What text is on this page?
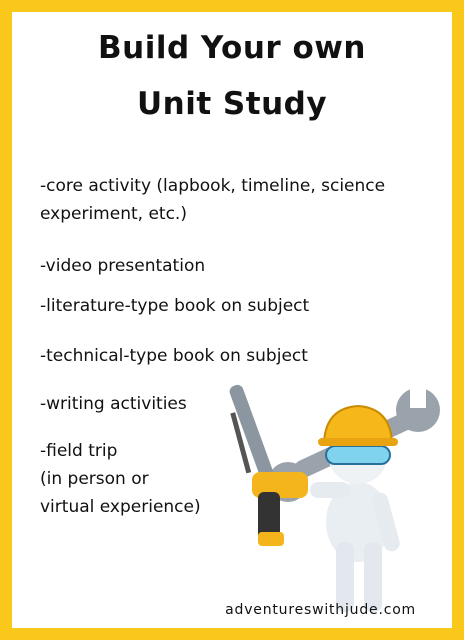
Build Your own
Unit Study
-core activity (lapbook, timeline, science
experiment, etc.)
-video presentation
-literature-type book on subject
-technical-type book on subject
-writing activities
-field trip
(in person or
virtual experience)
adventureswithjude.com
